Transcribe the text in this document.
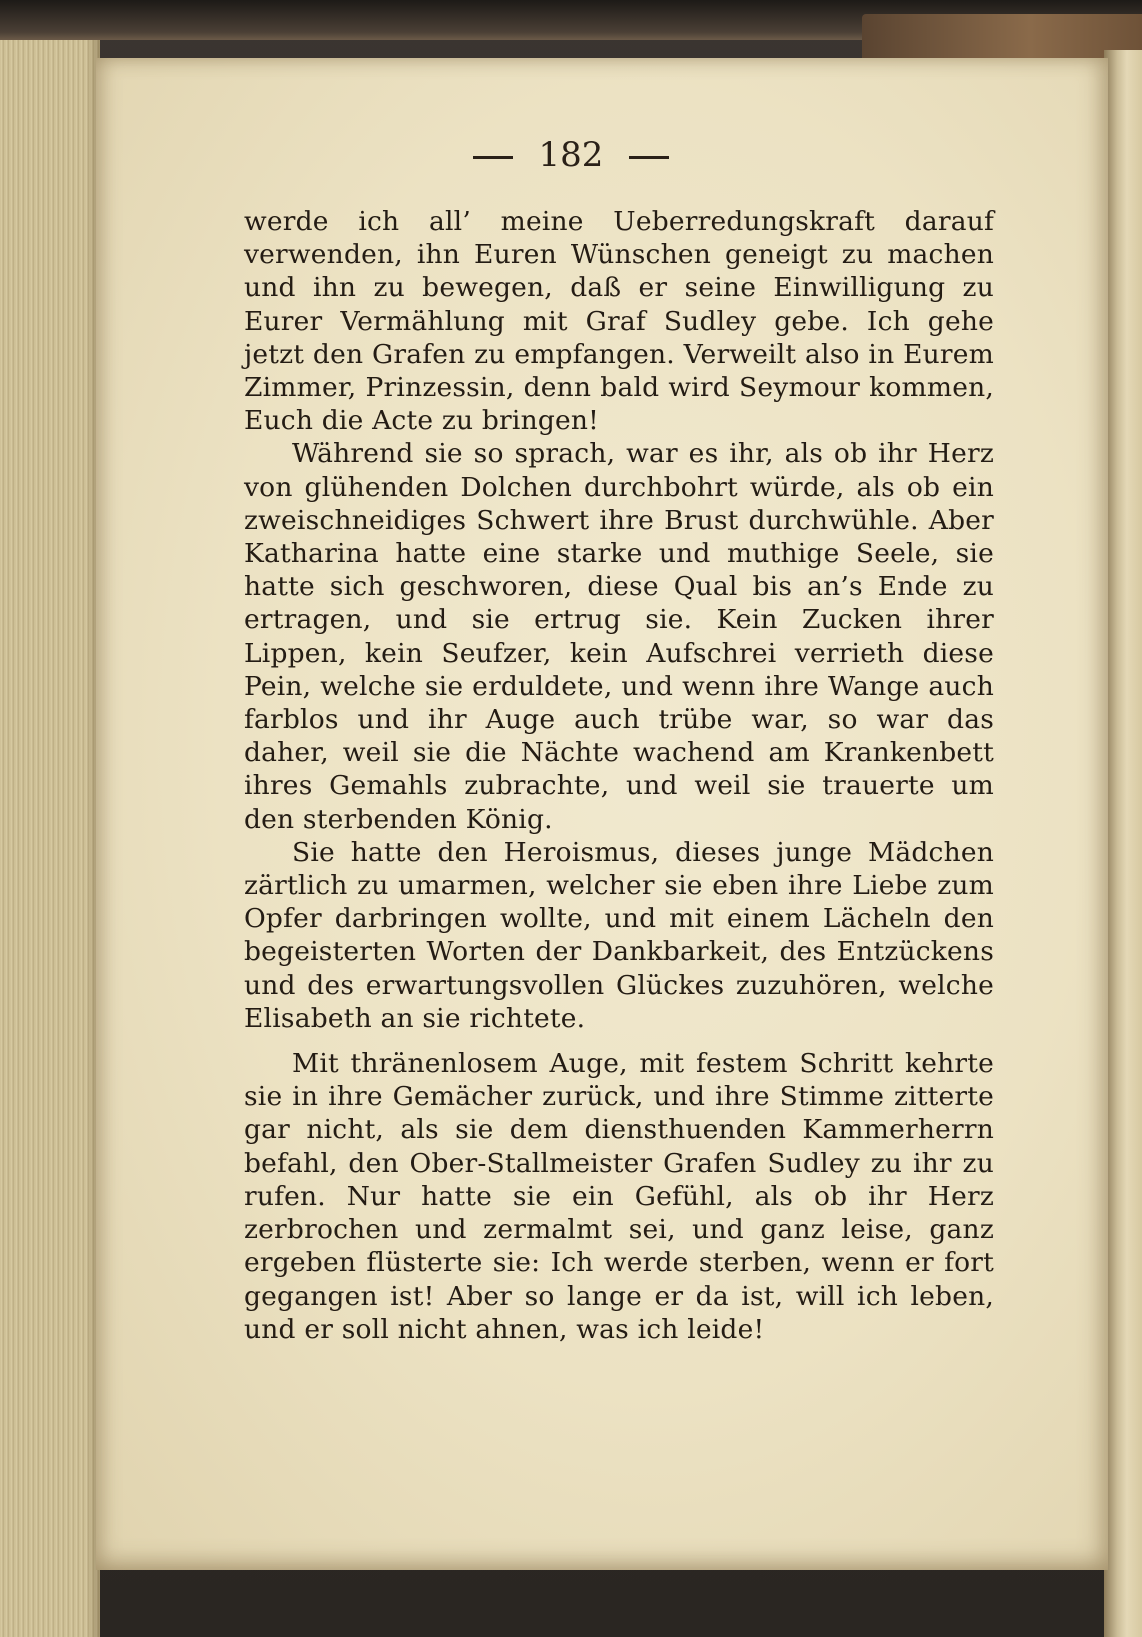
182

werde ich all’ meine Ueberredungskraft darauf verwenden, ihn Euren Wünschen geneigt zu machen und ihn zu bewegen, daß er seine Einwilligung zu Eurer Vermählung mit Graf Sudley gebe. Ich gehe jetzt den Grafen zu empfangen. Verweilt also in Eurem Zimmer, Prinzessin, denn bald wird Seymour kommen, Euch die Acte zu bringen!

Während sie so sprach, war es ihr, als ob ihr Herz von glühenden Dolchen durchbohrt würde, als ob ein zweischneidiges Schwert ihre Brust durchwühle. Aber Katharina hatte eine starke und muthige Seele, sie hatte sich geschworen, diese Qual bis an’s Ende zu ertragen, und sie ertrug sie. Kein Zucken ihrer Lippen, kein Seufzer, kein Aufschrei verrieth diese Pein, welche sie erduldete, und wenn ihre Wange auch farblos und ihr Auge auch trübe war, so war das daher, weil sie die Nächte wachend am Krankenbett ihres Gemahls zubrachte, und weil sie trauerte um den sterbenden König.

Sie hatte den Heroismus, dieses junge Mädchen zärtlich zu umarmen, welcher sie eben ihre Liebe zum Opfer darbringen wollte, und mit einem Lächeln den begeisterten Worten der Dankbarkeit, des Entzückens und des erwartungsvollen Glückes zuzuhören, welche Elisabeth an sie richtete.

Mit thränenlosem Auge, mit festem Schritt kehrte sie in ihre Gemächer zurück, und ihre Stimme zitterte gar nicht, als sie dem diensthuenden Kammerherrn befahl, den Ober-Stallmeister Grafen Sudley zu ihr zu rufen. Nur hatte sie ein Gefühl, als ob ihr Herz zerbrochen und zermalmt sei, und ganz leise, ganz ergeben flüsterte sie: Ich werde sterben, wenn er fort gegangen ist! Aber so lange er da ist, will ich leben, und er soll nicht ahnen, was ich leide!
